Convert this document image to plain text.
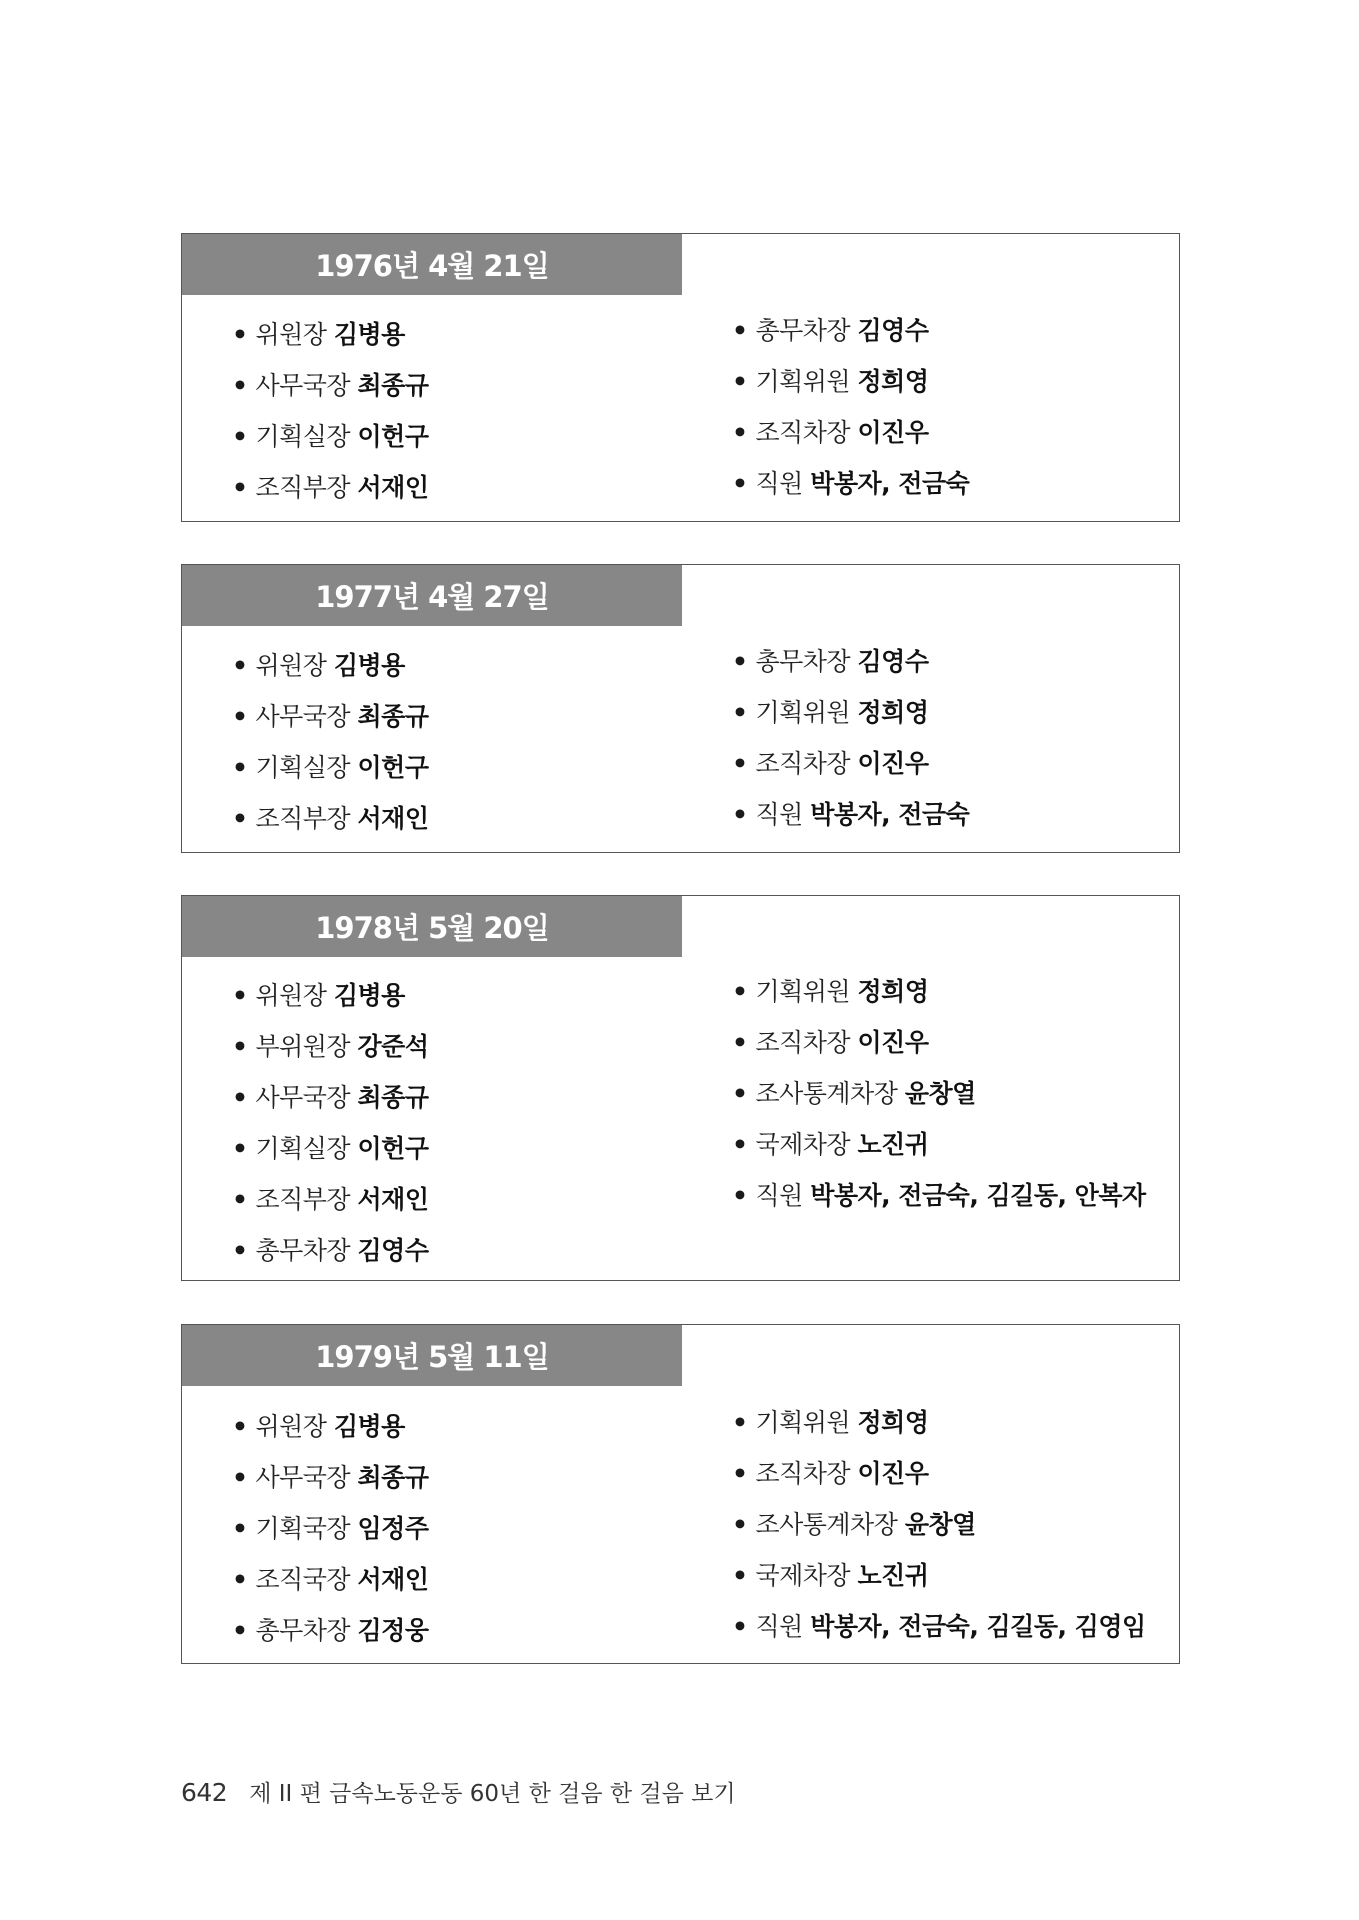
1976년 4월 21일
• 위원장 김병용
• 사무국장 최종규
• 기획실장 이헌구
• 조직부장 서재인
• 총무차장 김영수
• 기획위원 정희영
• 조직차장 이진우
• 직원 박봉자, 전금숙
1977년 4월 27일
• 위원장 김병용
• 사무국장 최종규
• 기획실장 이헌구
• 조직부장 서재인
• 총무차장 김영수
• 기획위원 정희영
• 조직차장 이진우
• 직원 박봉자, 전금숙
1978년 5월 20일
• 위원장 김병용
• 부위원장 강준석
• 사무국장 최종규
• 기획실장 이헌구
• 조직부장 서재인
• 총무차장 김영수
• 기획위원 정희영
• 조직차장 이진우
• 조사통계차장 윤창열
• 국제차장 노진귀
• 직원 박봉자, 전금숙, 김길동, 안복자
1979년 5월 11일
• 위원장 김병용
• 사무국장 최종규
• 기획국장 임정주
• 조직국장 서재인
• 총무차장 김정웅
• 기획위원 정희영
• 조직차장 이진우
• 조사통계차장 윤창열
• 국제차장 노진귀
• 직원 박봉자, 전금숙, 김길동, 김영임
642 제 II 편 금속노동운동 60년 한 걸음 한 걸음 보기
